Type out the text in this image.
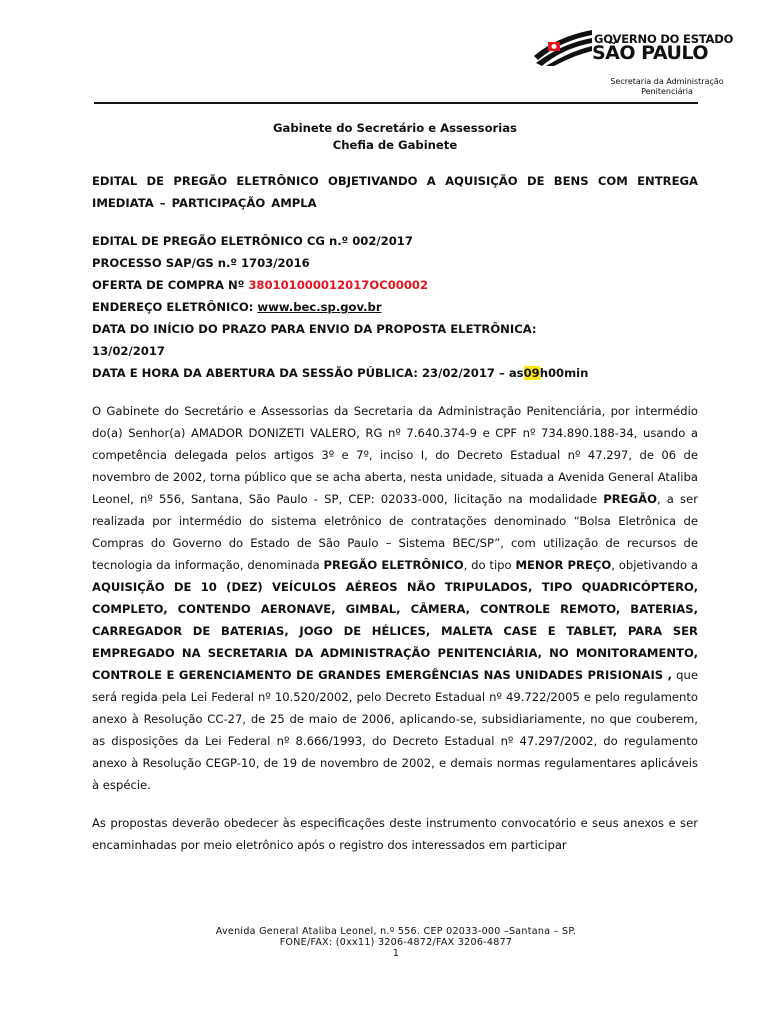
GOVERNO DO ESTADO
SÃO PAULO
Secretaria da Administração Penitenciária
Gabinete do Secretário e Assessorias
Chefia de Gabinete
EDITAL DE PREGÃO ELETRÔNICO OBJETIVANDO A AQUISIÇÃO DE BENS COM ENTREGA IMEDIATA – PARTICIPAÇÃO AMPLA
EDITAL DE PREGÃO ELETRÔNICO CG n.º 002/2017
PROCESSO SAP/GS n.º 1703/2016
OFERTA DE COMPRA Nº 380101000012017OC00002
ENDEREÇO ELETRÔNICO: www.bec.sp.gov.br
DATA DO INÍCIO DO PRAZO PARA ENVIO DA PROPOSTA ELETRÔNICA:
13/02/2017
DATA E HORA DA ABERTURA DA SESSÃO PÚBLICA: 23/02/2017 – as09h00min

O Gabinete do Secretário e Assessorias da Secretaria da Administração Penitenciária, por intermédio do(a) Senhor(a) AMADOR DONIZETI VALERO, RG nº 7.640.374-9 e CPF nº 734.890.188-34, usando a competência delegada pelos artigos 3º e 7º, inciso I, do Decreto Estadual nº 47.297, de 06 de novembro de 2002, torna público que se acha aberta, nesta unidade, situada a Avenida General Ataliba Leonel, nº 556, Santana, São Paulo - SP, CEP: 02033-000, licitação na modalidade PREGÃO, a ser realizada por intermédio do sistema eletrônico de contratações denominado “Bolsa Eletrônica de Compras do Governo do Estado de São Paulo – Sistema BEC/SP”, com utilização de recursos de tecnologia da informação, denominada PREGÃO ELETRÔNICO, do tipo MENOR PREÇO, objetivando a AQUISIÇÃO DE 10 (DEZ) VEÍCULOS AÉREOS NÃO TRIPULADOS, TIPO QUADRICÓPTERO, COMPLETO, CONTENDO AERONAVE, GIMBAL, CÂMERA, CONTROLE REMOTO, BATERIAS, CARREGADOR DE BATERIAS, JOGO DE HÉLICES, MALETA CASE E TABLET, PARA SER EMPREGADO NA SECRETARIA DA ADMINISTRAÇÃO PENITENCIÁRIA, NO MONITORAMENTO, CONTROLE E GERENCIAMENTO DE GRANDES EMERGÊNCIAS NAS UNIDADES PRISIONAIS , que será regida pela Lei Federal nº 10.520/2002, pelo Decreto Estadual nº 49.722/2005 e pelo regulamento anexo à Resolução CC-27, de 25 de maio de 2006, aplicando-se, subsidiariamente, no que couberem, as disposições da Lei Federal nº 8.666/1993, do Decreto Estadual nº 47.297/2002, do regulamento anexo à Resolução CEGP-10, de 19 de novembro de 2002, e demais normas regulamentares aplicáveis à espécie.

As propostas deverão obedecer às especificações deste instrumento convocatório e seus anexos e ser encaminhadas por meio eletrônico após o registro dos interessados em participar

Avenida General Ataliba Leonel, n.º 556. CEP 02033-000 –Santana – SP.
FONE/FAX: (0xx11) 3206-4872/FAX 3206-4877
1
